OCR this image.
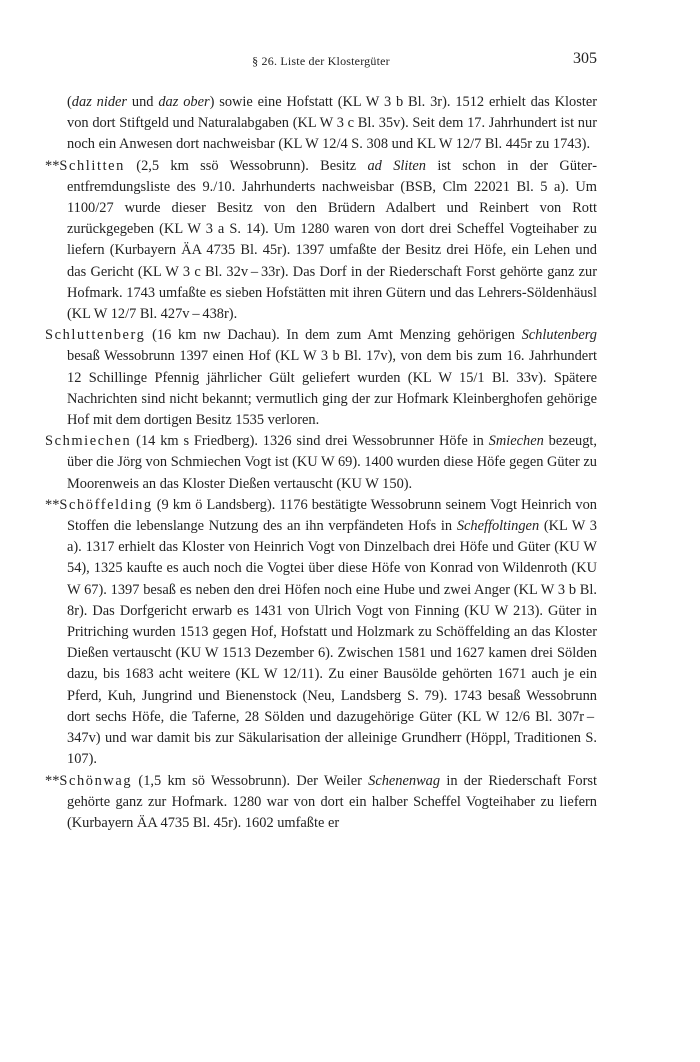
§ 26. Liste der Klostergüter	305

(daz nider und daz ober) sowie eine Hofstatt (KL W 3 b Bl. 3r). 1512 erhielt das Kloster von dort Stiftgeld und Naturalabgaben (KL W 3 c Bl. 35v). Seit dem 17. Jahrhundert ist nur noch ein Anwesen dort nachweisbar (KL W 12/4 S. 308 und KL W 12/7 Bl. 445r zu 1743).

**Schlitten (2,5 km ssö Wessobrunn). Besitz ad Sliten ist schon in der Güterentfremdungsliste des 9./10. Jahrhunderts nachweisbar (BSB, Clm 22021 Bl. 5 a). Um 1100/27 wurde dieser Besitz von den Brüdern Adalbert und Reinbert von Rott zurückgegeben (KL W 3 a S. 14). Um 1280 waren von dort drei Scheffel Vogteihaber zu liefern (Kurbayern ÄA 4735 Bl. 45r). 1397 umfaßte der Besitz drei Höfe, ein Lehen und das Gericht (KL W 3 c Bl. 32v – 33r). Das Dorf in der Riederschaft Forst gehörte ganz zur Hofmark. 1743 umfaßte es sieben Hofstätten mit ihren Gütern und das Lehrers-Söldenhäusl (KL W 12/7 Bl. 427v – 438r).

Schluttenberg (16 km nw Dachau). In dem zum Amt Menzing gehörigen Schlutenberg besaß Wessobrunn 1397 einen Hof (KL W 3 b Bl. 17v), von dem bis zum 16. Jahrhundert 12 Schillinge Pfennig jährlicher Gült geliefert wurden (KL W 15/1 Bl. 33v). Spätere Nachrichten sind nicht bekannt; vermutlich ging der zur Hofmark Kleinberghofen gehörige Hof mit dem dortigen Besitz 1535 verloren.

Schmiechen (14 km s Friedberg). 1326 sind drei Wessobrunner Höfe in Smiechen bezeugt, über die Jörg von Schmiechen Vogt ist (KU W 69). 1400 wurden diese Höfe gegen Güter zu Moorenweis an das Kloster Dießen vertauscht (KU W 150).

**Schöffelding (9 km ö Landsberg). 1176 bestätigte Wessobrunn seinem Vogt Heinrich von Stoffen die lebenslange Nutzung des an ihn verpfändeten Hofs in Scheffoltingen (KL W 3 a). 1317 erhielt das Kloster von Heinrich Vogt von Dinzelbach drei Höfe und Güter (KU W 54), 1325 kaufte es auch noch die Vogtei über diese Höfe von Konrad von Wildenroth (KU W 67). 1397 besaß es neben den drei Höfen noch eine Hube und zwei Anger (KL W 3 b Bl. 8r). Das Dorfgericht erwarb es 1431 von Ulrich Vogt von Finning (KU W 213). Güter in Pritriching wurden 1513 gegen Hof, Hofstatt und Holzmark zu Schöffelding an das Kloster Dießen vertauscht (KU W 1513 Dezember 6). Zwischen 1581 und 1627 kamen drei Sölden dazu, bis 1683 acht weitere (KL W 12/11). Zu einer Bausölde gehörten 1671 auch je ein Pferd, Kuh, Jungrind und Bienenstock (Neu, Landsberg S. 79). 1743 besaß Wessobrunn dort sechs Höfe, die Taferne, 28 Sölden und dazugehörige Güter (KL W 12/6 Bl. 307r – 347v) und war damit bis zur Säkularisation der alleinige Grundherr (Höppl, Traditionen S. 107).

**Schönwag (1,5 km sö Wessobrunn). Der Weiler Schenenwag in der Riederschaft Forst gehörte ganz zur Hofmark. 1280 war von dort ein halber Scheffel Vogteihaber zu liefern (Kurbayern ÄA 4735 Bl. 45r). 1602 umfaßte er
